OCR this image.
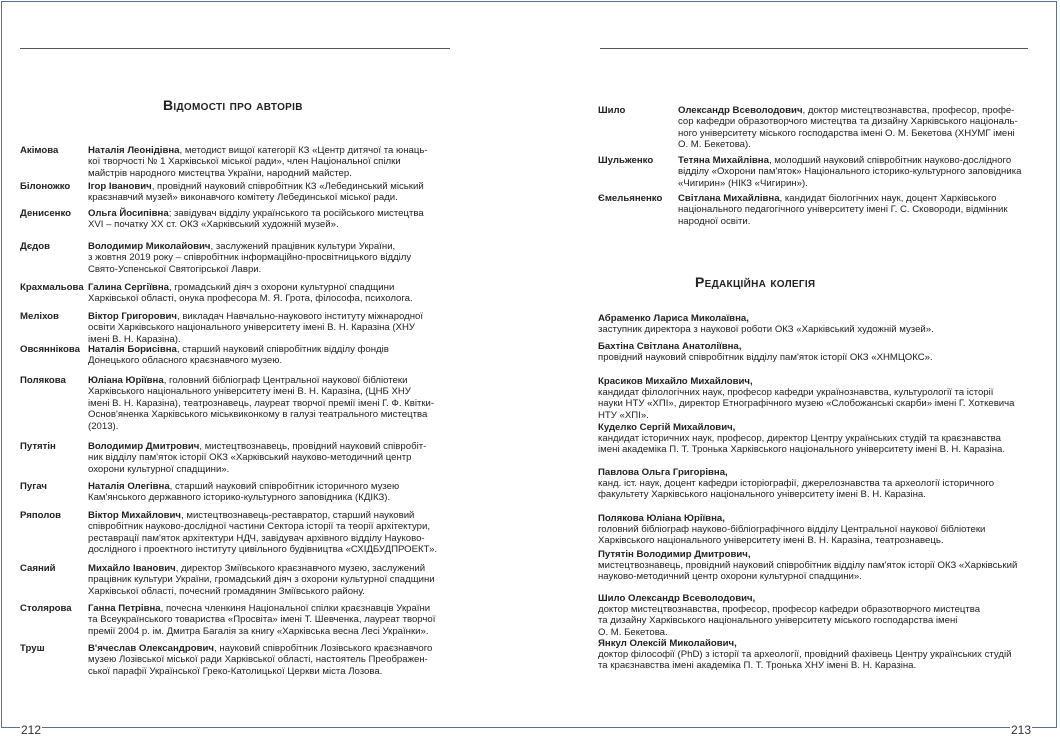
Відомості про авторів
Акімова	Наталія Леонідівна, методист вищої категорії КЗ «Центр дитячої та юнаць-
кої творчості № 1 Харківської міської ради», член Національної спілки
майстрів народного мистецтва України, народний майстер.
Білоножко Ігор Іванович, провідний науковий співробітник КЗ «Лебединський міський
краєзнавчий музей» виконавчого комітету Лебединської міської ради.
Денисенко Ольга Йосипівна; завідувач відділу українського та російського мистецтва
XVI – початку XX ст. ОКЗ «Харківський художній музей».
Дєдов	Володимир Миколайович, заслужений працівник культури України,
з жовтня 2019 року – співробітник інформаційно-просвітницького відділу
Свято-Успенської Святогірської Лаври.
Крахмальова Галина Сергіївна, громадський діяч з охорони культурної спадщини
Харківської області, онука професора М. Я. Грота, філософа, психолога.
Меліхов	Віктор Григорович, викладач Навчально-наукового інституту міжнародної
освіти Харківського національного університету імені В. Н. Каразіна (ХНУ
імені В. Н. Каразіна).
Овсяннікова Наталія Борисівна, старший науковий співробітник відділу фондів
Донецького обласного краєзнавчого музею.
Полякова Юліана Юріївна, головний бібліограф Центральної наукової бібліотеки
Харківського національного університету імені В. Н. Каразіна, (ЦНБ ХНУ
імені В. Н. Каразіна), театрознавець, лауреат творчої премії імені Г. Ф. Квітки-
Основ'яненка Харківського міськвиконкому в галузі театрального мистецтва
(2013).
Путятін	Володимир Дмитрович, мистецтвознавець, провідний науковий співробіт-
ник відділу пам'яток історії ОКЗ «Харківський науково-методичний центр
охорони культурної спадщини».
Пугач	Наталія Олегівна, старший науковий співробітник історичного музею
Кам'янського державного історико-культурного заповідника (КДІКЗ).
Ряполов	Віктор Михайлович, мистецтвознавець-реставратор, старший науковий
співробітник науково-дослідної частини Сектора історії та теорії архітектури,
реставрації пам'яток архітектури НДЧ, завідувач архівного відділу Науково-
дослідного і проектного інституту цивільного будівництва «СХІДБУДПРОЕКТ».
Саяний	Михайло Іванович, директор Зміївського краєзнавчого музею, заслужений
працівник культури України, громадський діяч з охорони культурної спадщини
Харківської області, почесний громадянин Зміївського району.
Столярова Ганна Петрівна, почесна членкиня Національної спілки краєзнавців України
та Всеукраїнського товариства «Просвіта» імені Т. Шевченка, лауреат творчої
премії 2004 р. ім. Дмитра Багалія за книгу «Харківська весна Лесі Українки».
Труш	В'ячеслав Олександрович, науковий співробітник Лозівського краєзнавчого
музею Лозівської міської ради Харківської області, настоятель Преображен-
ської парафії Української Греко-Католицької Церкви міста Лозова.
Шило	Олександр Всеволодович, доктор мистецтвознавства, професор, профе-
сор кафедри образотворчого мистецтва та дизайну Харківського національ-
ного університету міського господарства імені О. М. Бекетова (ХНУМГ імені
О. М. Бекетова).
Шульженко	Тетяна Михайлівна, молодший науковий співробітник науково-дослідного
відділу «Охорони пам'яток» Національного історико-культурного заповідника
«Чигирин» (НІКЗ «Чигирин»).
Ємельяненко Світлана Михайлівна, кандидат біологічних наук, доцент Харківського
національного педагогічного університету імені Г. С. Сковороди, відмінник
народної освіти.
Редакційна колегія
Абраменко Лариса Миколаївна,
заступник директора з наукової роботи ОКЗ «Харківський художній музей».
Бахтіна Світлана Анатоліївна,
провідний науковий співробітник відділу пам'яток історії ОКЗ «ХНМЦОКС».
Красиков Михайло Михайлович,
кандидат філологічних наук, професор кафедри українознавства, культурології та історії
науки НТУ «ХПІ», директор Етнографічного музею «Слобожанські скарби» імені Г. Хоткевича
НТУ «ХПІ».
Куделко Сергій Михайлович,
кандидат історичних наук, професор, директор Центру українських студій та краєзнавства
імені академіка П. Т. Тронька Харківського національного університету імені В. Н. Каразіна.
Павлова Ольга Григорівна,
канд. іст. наук, доцент кафедри історіографії, джерелознавства та археології історичного
факультету Харківського національного університету імені В. Н. Каразіна.
Полякова Юліана Юріївна,
головний бібліограф науково-бібліографічного відділу Центральної наукової бібліотеки
Харківського національного університету імені В. Н. Каразіна, театрознавець.
Путятін Володимир Дмитрович,
мистецтвознавець, провідний науковий співробітник відділу пам'яток історії ОКЗ «Харківський
науково-методичний центр охорони культурної спадщини».
Шило Олександр Всеволодович,
доктор мистецтвознавства, професор, професор кафедри образотворчого мистецтва
та дизайну Харківського національного університету міського господарства імені
О. М. Бекетова.
Янкул Олексій Миколайович,
доктор філософії (PhD) з історії та археології, провідний фахівець Центру українських студій
та краєзнавства імені академіка П. Т. Тронька ХНУ імені В. Н. Каразіна.
212	213
